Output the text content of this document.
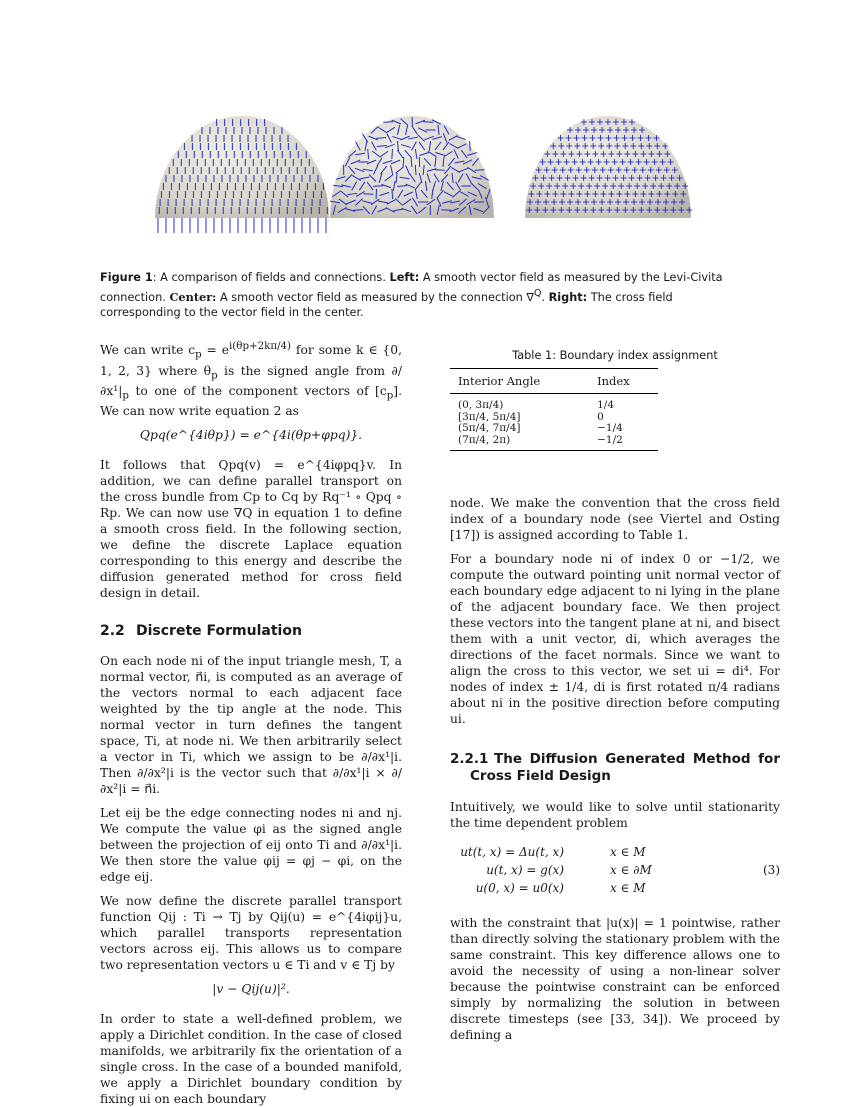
Figure 1: A comparison of fields and connections. Left: A smooth vector field as measured by the Levi-Civita connection. Center: A smooth vector field as measured by the connection ∇$^Q$. Right: The cross field corresponding to the vector field in the center.

We can write $c_p = e^{i(\theta p+2k\pi/4)}$ for some k ∈ {0, 1, 2, 3} where $\theta_p$ is the signed angle from $\partial/\partial x^1|_p$ to one of the component vectors of $[c_p]$. We can now write equation 2 as

Qpq(e^{4iθp}) = e^{4i(θp+φpq)}.

It follows that Qpq(v) = e^{4iφpq}v. In addition, we can define parallel transport on the cross bundle from Cp to Cq by Rq⁻¹ ∘ Qpq ∘ Rp. We can now use ∇Q in equation 1 to define a smooth cross field. In the following section, we define the discrete Laplace equation corresponding to this energy and describe the diffusion generated method for cross field design in detail.

2.2 Discrete Formulation

On each node ni of the input triangle mesh, T, a normal vector, n⃗i, is computed as an average of the vectors normal to each adjacent face weighted by the tip angle at the node. This normal vector in turn defines the tangent space, Ti, at node ni. We then arbitrarily select a vector in Ti, which we assign to be ∂/∂x¹|i. Then ∂/∂x²|i is the vector such that ∂/∂x¹|i × ∂/∂x²|i = n⃗i.

Let eij be the edge connecting nodes ni and nj. We compute the value φi as the signed angle between the projection of eij onto Ti and ∂/∂x¹|i. We then store the value φij = φj − φi, on the edge eij.

We now define the discrete parallel transport function Qij : Ti → Tj by Qij(u) = e^{4iφij}u, which parallel transports representation vectors across eij. This allows us to compare two representation vectors u ∈ Ti and v ∈ Tj by

|v − Qij(u)|².

In order to state a well-defined problem, we apply a Dirichlet condition. In the case of closed manifolds, we arbitrarily fix the orientation of a single cross. In the case of a bounded manifold, we apply a Dirichlet boundary condition by fixing ui on each boundary

Table 1: Boundary index assignment
Interior Angle	Index
(0, 3π/4)	1/4
[3π/4, 5π/4]	0
(5π/4, 7π/4]	−1/4
(7π/4, 2π)	−1/2

node. We make the convention that the cross field index of a boundary node (see Viertel and Osting [17]) is assigned according to Table 1.

For a boundary node ni of index 0 or −1/2, we compute the outward pointing unit normal vector of each boundary edge adjacent to ni lying in the plane of the adjacent boundary face. We then project these vectors into the tangent plane at ni, and bisect them with a unit vector, di, which averages the directions of the facet normals. Since we want to align the cross to this vector, we set ui = di⁴. For nodes of index ± 1/4, di is first rotated π/4 radians about ni in the positive direction before computing ui.

2.2.1 The Diffusion Generated Method for Cross Field Design

Intuitively, we would like to solve until stationarity the time dependent problem

ut(t, x) = Δu(t, x)	x ∈ M
u(t, x) = g(x)	x ∈ ∂M	(3)
u(0, x) = u0(x)	x ∈ M

with the constraint that |u(x)| = 1 pointwise, rather than directly solving the stationary problem with the same constraint. This key difference allows one to avoid the necessity of using a non-linear solver because the pointwise constraint can be enforced simply by normalizing the solution in between discrete timesteps (see [33, 34]). We proceed by defining a
